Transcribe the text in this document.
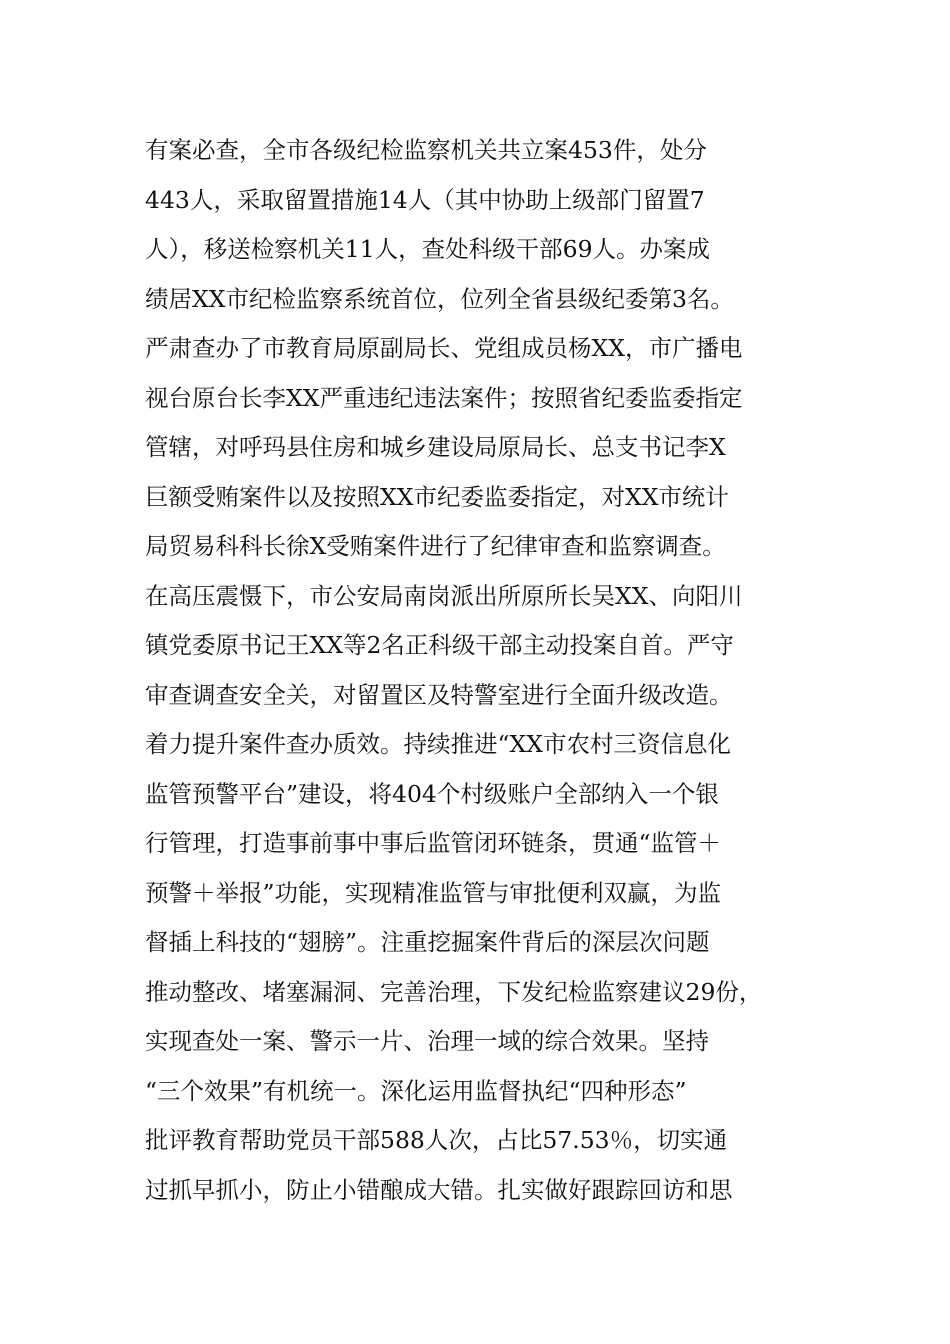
有案必查，全市各级纪检监察机关共立案453件，处分
443人，采取留置措施14人（其中协助上级部门留置7
人），移送检察机关11人，查处科级干部69人。办案成
绩居XX市纪检监察系统首位，位列全省县级纪委第3名。
严肃查办了市教育局原副局长、党组成员杨XX，市广播电
视台原台长李XX严重违纪违法案件；按照省纪委监委指定
管辖，对呼玛县住房和城乡建设局原局长、总支书记李X
巨额受贿案件以及按照XX市纪委监委指定，对XX市统计
局贸易科科长徐X受贿案件进行了纪律审查和监察调查。
在高压震慑下，市公安局南岗派出所原所长吴XX、向阳川
镇党委原书记王XX等2名正科级干部主动投案自首。严守
审查调查安全关，对留置区及特警室进行全面升级改造。
着力提升案件查办质效。持续推进“XX市农村三资信息化
监管预警平台”建设，将404个村级账户全部纳入一个银
行管理，打造事前事中事后监管闭环链条，贯通“监管＋
预警＋举报”功能，实现精准监管与审批便利双赢，为监
督插上科技的“翅膀”。注重挖掘案件背后的深层次问题
推动整改、堵塞漏洞、完善治理，下发纪检监察建议29份，
实现查处一案、警示一片、治理一域的综合效果。坚持
“三个效果”有机统一。深化运用监督执纪“四种形态”
批评教育帮助党员干部588人次，占比57.53％，切实通
过抓早抓小，防止小错酿成大错。扎实做好跟踪回访和思
